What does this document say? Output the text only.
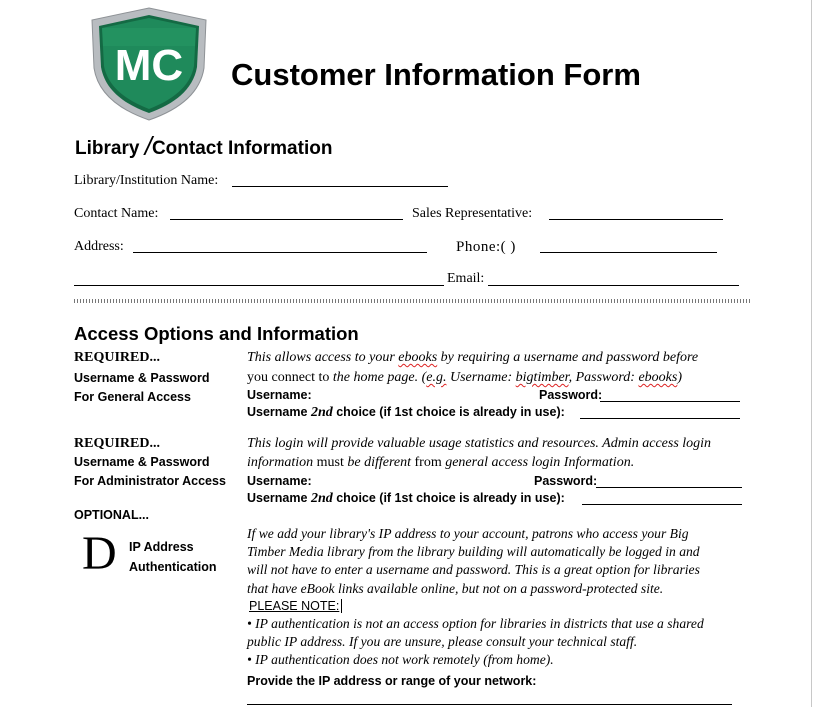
MC Customer Information Form
Library /Contact Information
Library/Institution Name:
Contact Name:	Sales Representative:
Address:	Phone:( )
Email:
Access Options and Information
REQUIRED...
Username & Password
For General Access
This allows access to your ebooks by requiring a username and password before
you connect to the home page. (e.g. Username: bigtimber, Password: ebooks)
Username:	Password:
Username 2nd choice (if 1st choice is already in use):
REQUIRED...
Username & Password
For Administrator Access
This login will provide valuable usage statistics and resources. Admin access login
information must be different from general access login Information.
Username:	Password:
Username 2nd choice (if 1st choice is already in use):
OPTIONAL...
D IP Address
Authentication
If we add your library's IP address to your account, patrons who access your Big
Timber Media library from the library building will automatically be logged in and
will not have to enter a username and password. This is a great option for libraries
that have eBook links available online, but not on a password-protected site.
PLEASE NOTE:
• IP authentication is not an access option for libraries in districts that use a shared
public IP address. If you are unsure, please consult your technical staff.
• IP authentication does not work remotely (from home).
Provide the IP address or range of your network:
